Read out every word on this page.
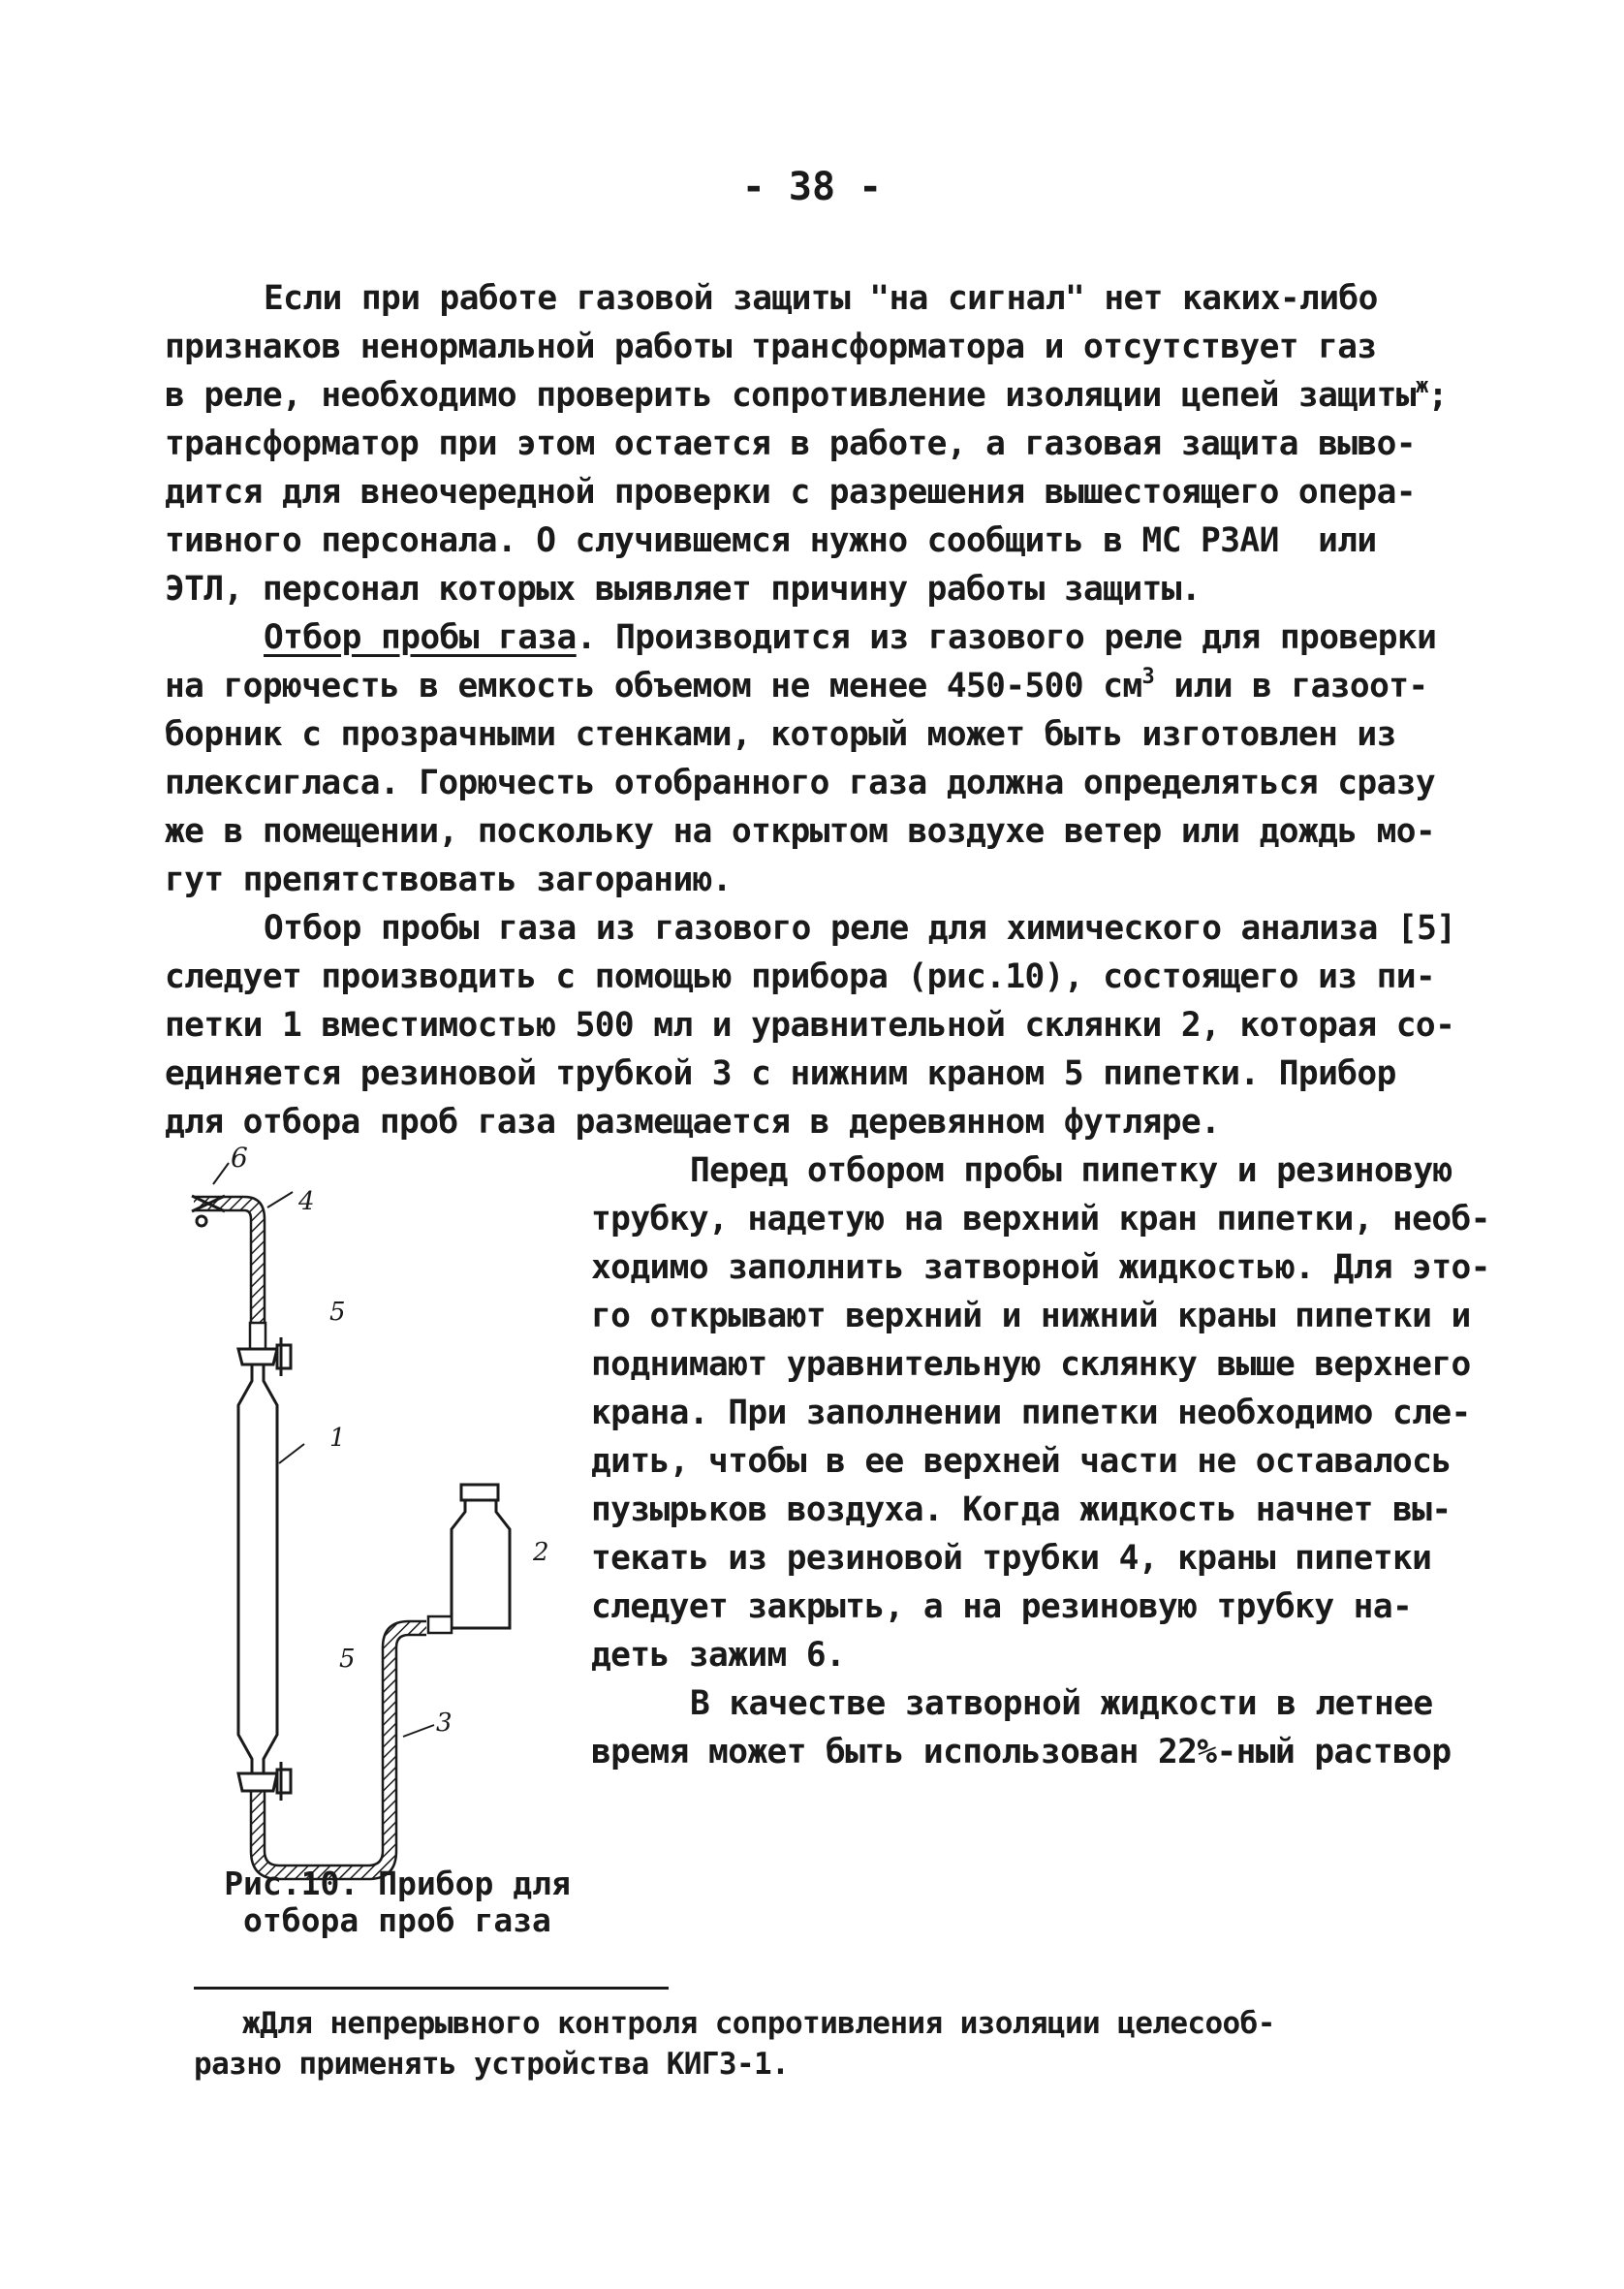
- 38 -
Если при работе газовой защиты "на сигнал" нет каких-либо
признаков ненормальной работы трансформатора и отсутствует газ
в реле, необходимо проверить сопротивление изоляции цепей защиты$^ж$;
трансформатор при этом остается в работе, а газовая защита выво-
дится для внеочередной проверки с разрешения вышестоящего опера-
тивного персонала. О случившемся нужно сообщить в МС РЗАИ  или
ЭТЛ, персонал которых выявляет причину работы защиты.
Отбор пробы газа. Производится из газового реле для проверки
на горючесть в емкость объемом не менее 450-500 $см^3$ или в газоот-
борник с прозрачными стенками, который может быть изготовлен из
плексигласа. Горючесть отобранного газа должна определяться сразу
же в помещении, поскольку на открытом воздухе ветер или дождь мо-
гут препятствовать загоранию.
Отбор пробы газа из газового реле для химического анализа [5]
следует производить с помощью прибора (рис.10), состоящего из пи-
петки 1 вместимостью 500 мл и уравнительной склянки 2, которая со-
единяется резиновой трубкой 3 с нижним краном 5 пипетки. Прибор
для отбора проб газа размещается в деревянном футляре.
Перед отбором пробы пипетку и резиновую
трубку, надетую на верхний кран пипетки, необ-
ходимо заполнить затворной жидкостью. Для это-
го открывают верхний и нижний краны пипетки и
поднимают уравнительную склянку выше верхнего
крана. При заполнении пипетки необходимо сле-
дить, чтобы в ее верхней части не оставалось
пузырьков воздуха. Когда жидкость начнет вы-
текать из резиновой трубки 4, краны пипетки
следует закрыть, а на резиновую трубку на-
деть зажим 6.
В качестве затворной жидкости в летнее
время может быть использован 22%-ный раствор
6
4
5
1
2
5
3
Рис.10. Прибор для
отбора проб газа
жДля непрерывного контроля сопротивления изоляции целесооб-
разно применять устройства КИГЗ-1.
